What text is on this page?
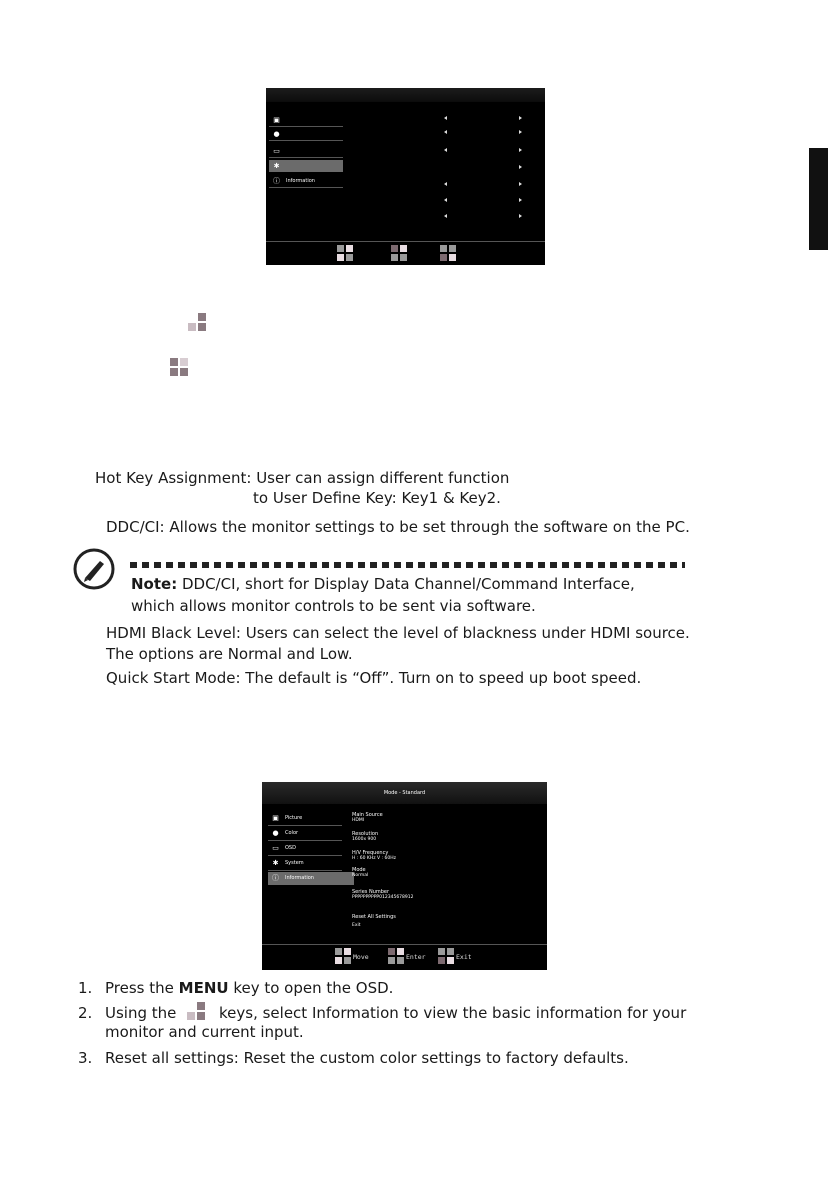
▣
●
▭
✱
ⓘ Information
Hot Key Assignment: User can assign different function
to User Define Key: Key1 & Key2.
DDC/CI: Allows the monitor settings to be set through the software on the PC.
Note: DDC/CI, short for Display Data Channel/Command Interface,
which allows monitor controls to be sent via software.
HDMI Black Level: Users can select the level of blackness under HDMI source.
The options are Normal and Low.
Quick Start Mode: The default is “Off”. Turn on to speed up boot speed.
Mode - Standard
▣ Picture
● Color
▭ OSD
✱	System
ⓘ Information
Main Source
HDMI
Resolution
1600x 900
H/V Frequency
H : 60 KHz V : 60Hz
Mode
Normal
Series Number
PPPPPPPPPP012345678912
Reset All Settings
Exit
Move	Enter	Exit
1. Press the MENU key to open the OSD.
2. Using the	keys, select Information to view the basic information for your
monitor and current input.
3. Reset all settings: Reset the custom color settings to factory defaults.
